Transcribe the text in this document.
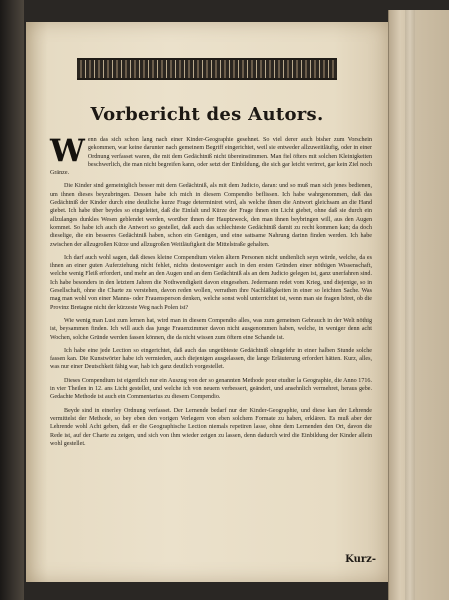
Vorbericht des Autors.

Wenn das sich schon lang nach einer Kinder-Geographie gesehnet. So viel derer auch bisher zum Vorschein gekommen, war keine darunter nach gemeinem Begriff eingerichtet, weil sie entweder allzuweitläufig, oder in einer Ordnung verfasset waren, die mit dem Gedächtniß nicht übereinstimmen. Man fiel öfters mit solchen Kleinigkeiten beschwerlich, die man nicht begreifen kann, oder setzt der Einbildung, die sich gar leicht verirret, gar kein Ziel noch Gränze.

Die Kinder sind gemeiniglich besser mit dem Gedächtniß, als mit dem Judicio, daran: und so muß man sich jenes bedienen, um ihnen dieses beyzubringen. Dessen habe ich mich in diesem Compendio beflissen. Ich habe wahrgenommen, daß das Gedächtniß der Kinder durch eine deutliche kurze Frage determiniret wird, als welche ihnen die Antwort gleichsam an die Hand giebet. Ich habe über beydes so eingeleitet, daß die Einfalt und Kürze der Frage ihnen ein Licht giebet, ohne daß sie durch ein allzulanges dunkles Wesen geblendet werden, worüber ihnen der Hauptzweck, den man ihnen beybringen will, aus den Augen kommet. So habe ich auch die Antwort so gestellet, daß auch das schlechteste Gedächtniß damit zu recht kommen kan; da doch dieselige, die ein besseres Gedächtniß haben, schon ein Genügen, und eine sattsame Nahrung darinn finden werden. Ich habe zwischen der allzugroßen Kürze und allzugroßen Weitläufigkeit die Mittelstraße gehalten.

Ich darf auch wohl sagen, daß dieses kleine Compendium vielen ältern Personen nicht undienlich seyn würde, welche, da es ihnen an einer guten Auferziehung nicht fehlet, nichts destoweniger auch in den ersten Gründen einer nöthigen Wissenschaft, welche wenig Fleiß erfordert, und mehr an den Augen und an dem Gedächtniß als an dem Judicio gelegen ist, ganz unerfahren sind. Ich habe besonders in den letztern Jahren die Nothwendigkeit davon eingesehen. Jedermann redet vom Krieg, und diejenige, so in Gesellschaft, ohne die Charte zu verstehen, davon reden wollen, verrathen ihre Nachläßigkeiten in einer so leichten Sache. Was mag man wohl von einer Manns- oder Frauensperson denken, welche sonst wohl unterrichtet ist, wenn man sie fragen höret, ob die Provinz Bretagne nicht der kürzeste Weg nach Polen ist?

Wie wenig man Lust zum lernen hat, wird man in diesem Compendio alles, was zum gemeinen Gebrauch in der Welt nöthig ist, beysammen finden. Ich will auch das junge Frauenzimmer davon nicht ausgenommen haben, welche, in weniger denn acht Wochen, solche Gründe werden fassen können, die da nicht wissen zum öftern eine Schande ist.

Ich habe eine jede Lection so eingerichtet, daß auch das ungeübteste Gedächtniß ohngefehr in einer halben Stunde solche fassen kan. Die Kunstwörter habe ich vermieden, auch diejenigen ausgelassen, die lange Erläuterung erfordert hätten. Kurz, alles, was nur einer Deutschkeit fähig war, hab ich ganz deutlich vorgestellet.

Dieses Compendium ist eigentlich nur ein Auszug von der so genannten Methode pour etudier la Geographie, die Anno 1716. in vier Theilen in 12. ans Licht gestellet, und welche ich von neuem verbessert, geändert, und ansehnlich vermehret, heraus gebe. Gedachte Methode ist auch ein Commentarius zu diesem Compendio.

Beyde sind in einerley Ordnung verfasset. Der Lernende bedarf nur der Kinder-Geographie, und diese kan der Lehrende vermittelst der Methode, so bey eben den vorigen Verlegern von eben solchem Formate zu haben, erklären. Es muß aber der Lehrende wohl Acht geben, daß er die Geographische Lection niemals repetiren lasse, ohne dem Lernenden den Ort, davon die Rede ist, auf der Charte zu zeigen, und sich von ihm wieder zeigen zu lassen, denn dadurch wird die Einbildung der Kinder allein wohl gestellet.

Kurz-
